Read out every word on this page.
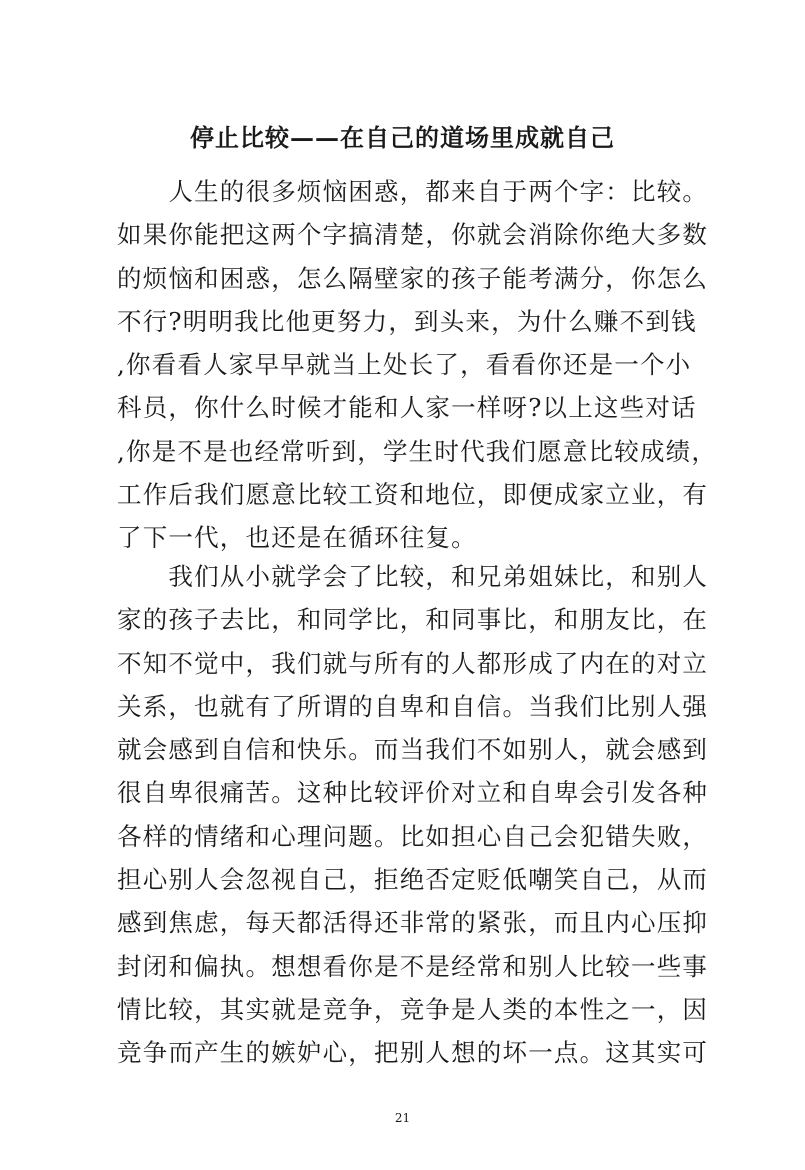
停止比较——在自己的道场里成就自己
　　人生的很多烦恼困惑，都来自于两个字：比较。
如果你能把这两个字搞清楚，你就会消除你绝大多数
的烦恼和困惑，怎么隔壁家的孩子能考满分，你怎么
不行?明明我比他更努力，到头来，为什么赚不到钱
,你看看人家早早就当上处长了，看看你还是一个小
科员，你什么时候才能和人家一样呀?以上这些对话
,你是不是也经常听到，学生时代我们愿意比较成绩，
工作后我们愿意比较工资和地位，即便成家立业，有
了下一代，也还是在循环往复。
　　我们从小就学会了比较，和兄弟姐妹比，和别人
家的孩子去比，和同学比，和同事比，和朋友比，在
不知不觉中，我们就与所有的人都形成了内在的对立
关系，也就有了所谓的自卑和自信。当我们比别人强
就会感到自信和快乐。而当我们不如别人，就会感到
很自卑很痛苦。这种比较评价对立和自卑会引发各种
各样的情绪和心理问题。比如担心自己会犯错失败，
担心别人会忽视自己，拒绝否定贬低嘲笑自己，从而
感到焦虑，每天都活得还非常的紧张，而且内心压抑
封闭和偏执。想想看你是不是经常和别人比较一些事
情比较，其实就是竞争，竞争是人类的本性之一，因
竞争而产生的嫉妒心，把别人想的坏一点。这其实可
21
